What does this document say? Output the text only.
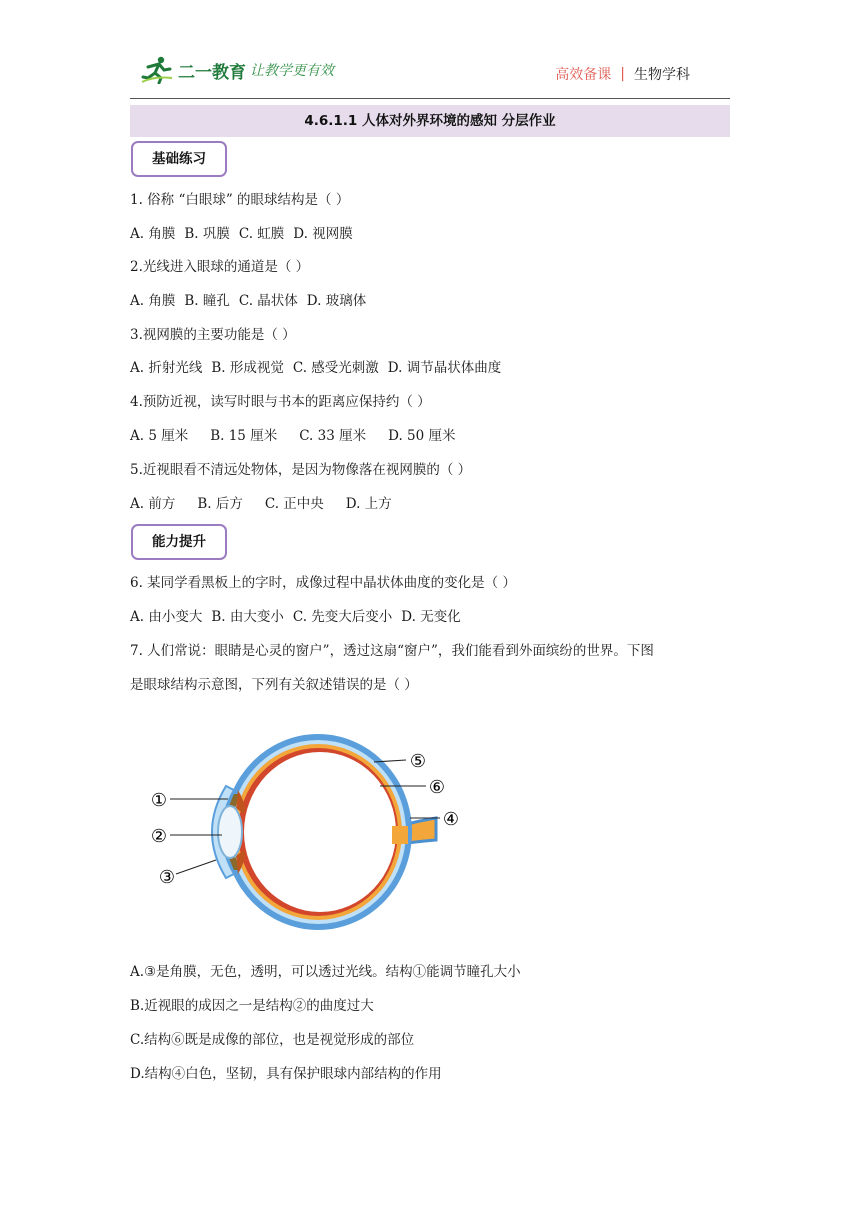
二一教育 让教学更有效	高效备课 | 生物学科
4.6.1.1 人体对外界环境的感知 分层作业
基础练习
1. 俗称 “白眼球” 的眼球结构是（ ）
A. 角膜 B. 巩膜 C. 虹膜 D. 视网膜
2.光线进入眼球的通道是（ ）
A. 角膜 B. 瞳孔 C. 晶状体 D. 玻璃体
3.视网膜的主要功能是（ ）
A. 折射光线 B. 形成视觉 C. 感受光刺激 D. 调节晶状体曲度
4.预防近视，读写时眼与书本的距离应保持约（ ）
A. 5 厘米 B. 15 厘米 C. 33 厘米 D. 50 厘米
5.近视眼看不清远处物体，是因为物像落在视网膜的（ ）
A. 前方 B. 后方 C. 正中央 D. 上方
能力提升
6. 某同学看黑板上的字时，成像过程中晶状体曲度的变化是（ ）
A. 由小变大 B. 由大变小 C. 先变大后变小 D. 无变化
7. 人们常说：眼睛是心灵的窗户”，透过这扇“窗户”，我们能看到外面缤纷的世界。下图
是眼球结构示意图，下列有关叙述错误的是（ ）
①
②
③
④
⑤
⑥
A.③是角膜，无色，透明，可以透过光线。结构①能调节瞳孔大小
B.近视眼的成因之一是结构②的曲度过大
C.结构⑥既是成像的部位，也是视觉形成的部位
D.结构④白色，坚韧，具有保护眼球内部结构的作用
